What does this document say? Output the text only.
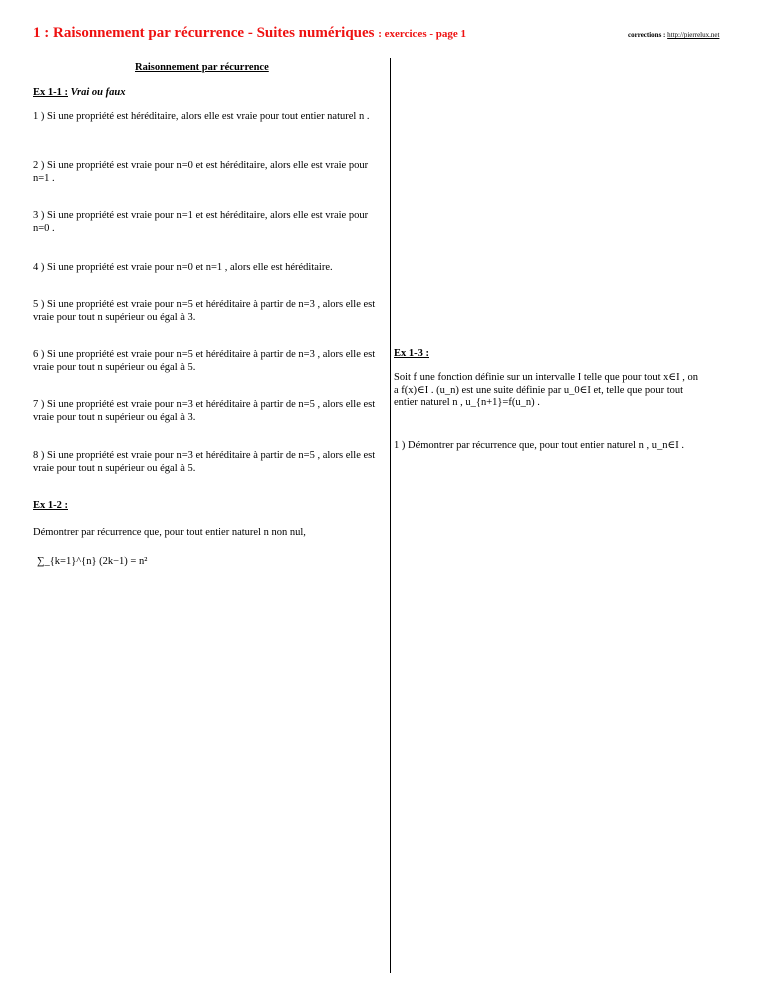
1 : Raisonnement par récurrence - Suites numériques : exercices - page 1	corrections : http://pierrelux.net
Raisonnement par récurrence
Ex 1-1 : Vrai ou faux
1 ) Si une propriété est héréditaire, alors elle est vraie pour tout entier naturel n .
2 ) Si une propriété est vraie pour n=0 et est héréditaire, alors elle est vraie pour n=1 .
3 ) Si une propriété est vraie pour n=1 et est héréditaire, alors elle est vraie pour n=0 .
4 ) Si une propriété est vraie pour n=0 et n=1 , alors elle est héréditaire.
5 ) Si une propriété est vraie pour n=5 et héréditaire à partir de n=3 , alors elle est vraie pour tout n supérieur ou égal à 3.
6 ) Si une propriété est vraie pour n=5 et héréditaire à partir de n=3 , alors elle est vraie pour tout n supérieur ou égal à 5.
7 ) Si une propriété est vraie pour n=3 et héréditaire à partir de n=5 , alors elle est vraie pour tout n supérieur ou égal à 3.
8 ) Si une propriété est vraie pour n=3 et héréditaire à partir de n=5 , alors elle est vraie pour tout n supérieur ou égal à 5.
Ex 1-2 :
Démontrer par récurrence que, pour tout entier naturel n non nul,
∑_{k=1}^{n} (2k−1) = n²
Ex 1-3 :
Soit f une fonction définie sur un intervalle I telle que pour tout x∈I , on a f(x)∈I . (u_n) est une suite définie par u_0∈I et, telle que pour tout entier naturel n , u_{n+1}=f(u_n) .
1 ) Démontrer par récurrence que, pour tout entier naturel n , u_n∈I .
